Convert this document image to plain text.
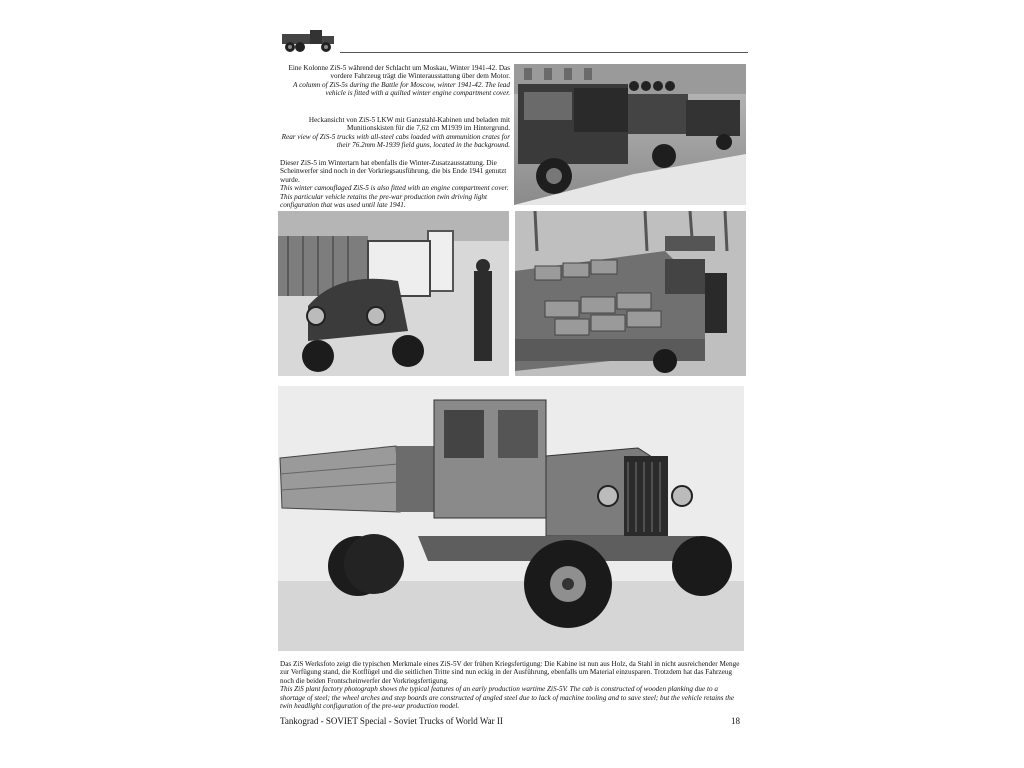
Eine Kolonne ZiS-5 während der Schlacht um Moskau, Winter 1941-42. Das vordere Fahrzeug trägt die Winterausstattung über dem Motor.

A column of ZiS-5s during the Battle for Moscow, winter 1941-42. The lead vehicle is fitted with a quilted winter engine compartment cover.

Heckansicht von ZiS-5 LKW mit Ganzstahl-Kabinen und beladen mit Munitionskisten für die 7,62 cm M1939 im Hintergrund.

Rear view of ZiS-5 trucks with all-steel cabs loaded with ammunition crates for their 76.2mm M-1939 field guns, located in the background.

Dieser ZiS-5 im Wintertarn hat ebenfalls die Winter-Zusatzausstattung. Die Scheinwerfer sind noch in der Vorkriegsausführung, die bis Ende 1941 genutzt wurde.

This winter camouflaged ZiS-5 is also fitted with an engine compartment cover. This particular vehicle retains the pre-war production twin driving light configuration that was used until late 1941.

Das ZiS Werksfoto zeigt die typischen Merkmale eines ZiS-5V der frühen Kriegsfertigung: Die Kabine ist nun aus Holz, da Stahl in nicht ausreichender Menge zur Verfügung stand, die Kotflügel und die seitlichen Tritte sind nun eckig in der Ausführung, ebenfalls um Material einzusparen. Trotzdem hat das Fahrzeug noch die beiden Frontscheinwerfer der Vorkriegsfertigung.

This ZiS plant factory photograph shows the typical features of an early production wartime ZiS-5V. The cab is constructed of wooden planking due to a shortage of steel; the wheel arches and step boards are constructed of angled steel due to lack of machine tooling and to save steel; but the vehicle retains the twin headlight configuration of the pre-war production model.

Tankograd - SOVIET Special - Soviet Trucks of World War II	18
